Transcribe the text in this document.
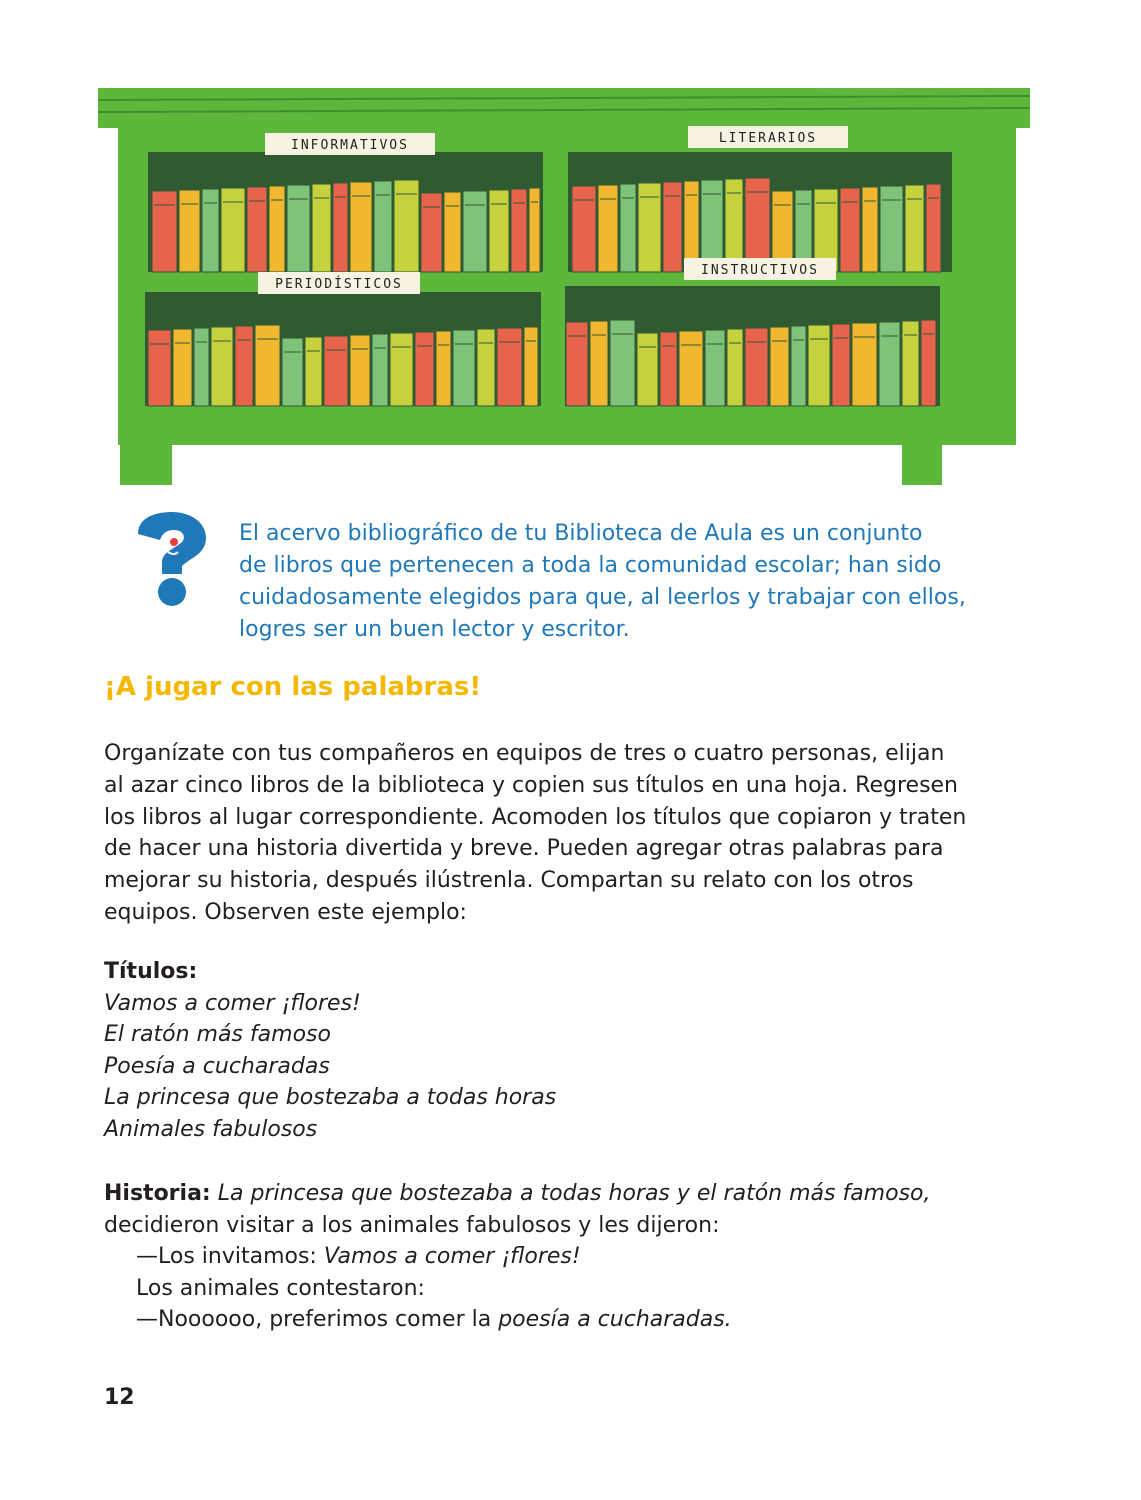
INFORMATIVOS	LITERARIOS
PERIODÍSTICOS
INSTRUCTIVOS
El acervo bibliográfico de tu Biblioteca de Aula es un conjunto
de libros que pertenecen a toda la comunidad escolar; han sido
cuidadosamente elegidos para que, al leerlos y trabajar con ellos,
logres ser un buen lector y escritor.
¡A jugar con las palabras!
Organízate con tus compañeros en equipos de tres o cuatro personas, elijan
al azar cinco libros de la biblioteca y copien sus títulos en una hoja. Regresen
los libros al lugar correspondiente. Acomoden los títulos que copiaron y traten
de hacer una historia divertida y breve. Pueden agregar otras palabras para
mejorar su historia, después ilústrenla. Compartan su relato con los otros
equipos. Observen este ejemplo:
Títulos:
Vamos a comer ¡flores!
El ratón más famoso
Poesía a cucharadas
La princesa que bostezaba a todas horas
Animales fabulosos
Historia: La princesa que bostezaba a todas horas y el ratón más famoso,
decidieron visitar a los animales fabulosos y les dijeron:
—Los invitamos: Vamos a comer ¡flores!
Los animales contestaron:
—Noooooo, preferimos comer la poesía a cucharadas.
12
